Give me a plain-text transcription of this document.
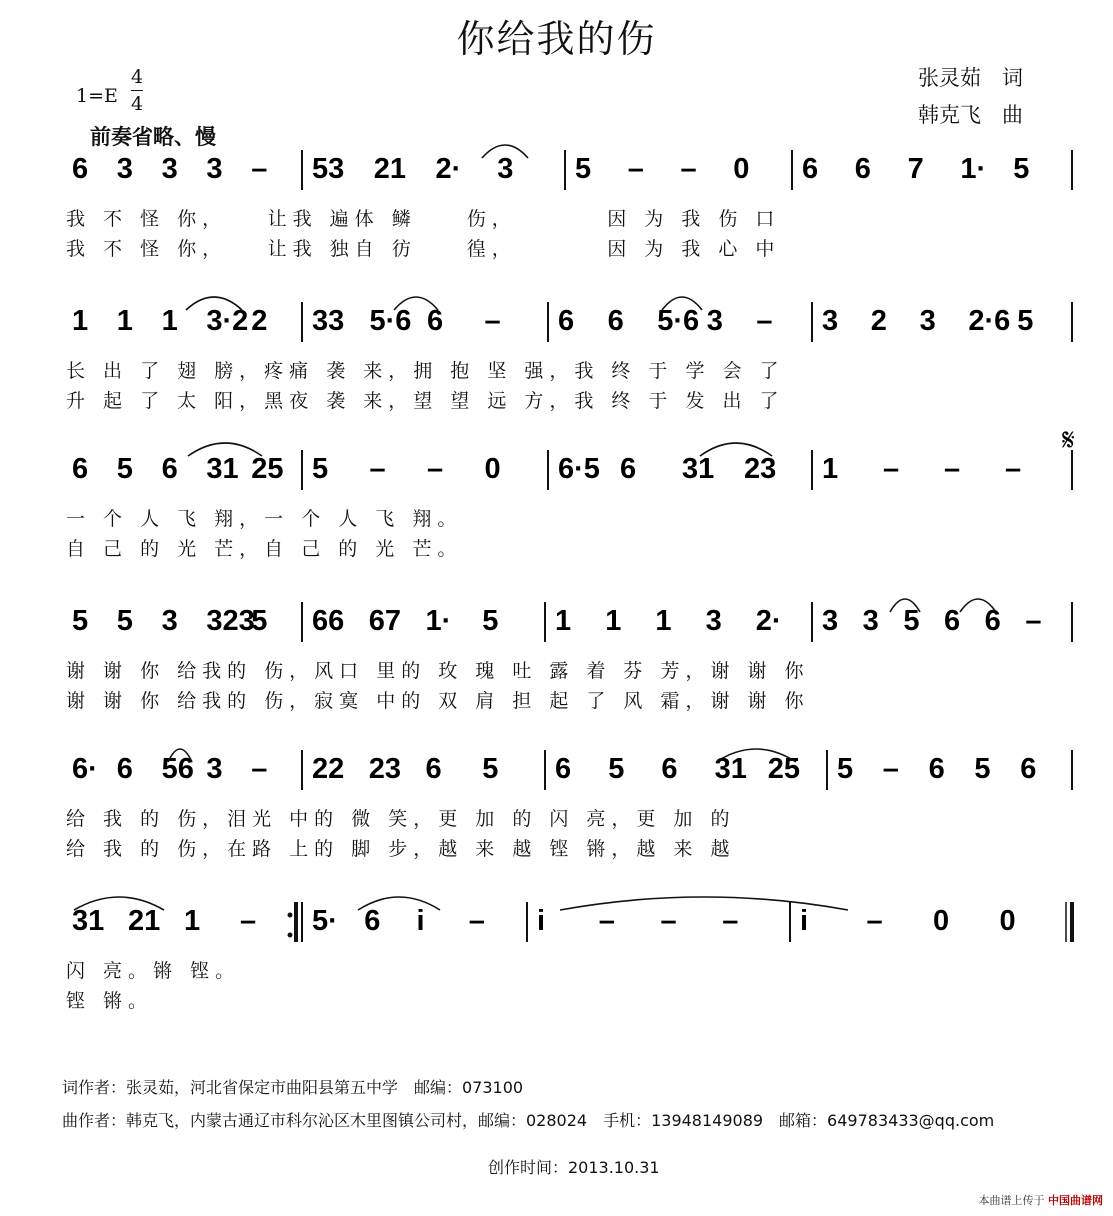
你给我的伤
张灵茹　词
韩克飞　曲
1=E
4
4
前奏省略、慢
6 3 3 3 – 53 21 2· 3 5 – – 0 6 6 7 1· 5
1 1 1 3·2 2 33 5·6 6 – 6 6 5·6 3 – 3 2 3 2·6 5
6 5 6 31 25 5 – – 0 6·5 6 31 23 1 – – –
5 5 3 323
5 66 67 1· 5 1 1 1 3 2· 3 3 5 6 6 –
6· 6 56 3 – 22 23 6 5 6 5 6 31 25 5 – 6 5 6
31 21 1 – 5· 6 i – i – – – i – 0 0
𝄋
我 不 怪 你，　　让我 遍体 鳞　　伤，　　　　因 为 我 伤 口
我 不 怪 你，　　让我 独自 彷　　徨，　　　　因 为 我 心 中
长 出 了 翅 膀，疼痛 袭 来，拥 抱 坚 强，我 终 于 学 会 了
升 起 了 太 阳，黑夜 袭 来，望 望 远 方，我 终 于 发 出 了
一 个 人 飞 翔，一 个 人 飞 翔。
自 己 的 光 芒，自 己 的 光 芒。
谢 谢 你 给我的 伤，风口 里的 玫 瑰 吐 露 着 芬 芳，谢 谢 你
谢 谢 你 给我的 伤，寂寞 中的 双 肩 担 起 了 风 霜，谢 谢 你
给 我 的 伤，泪光 中的 微 笑，更 加 的 闪 亮，更 加 的
给 我 的 伤，在路 上的 脚 步，越 来 越 铿 锵，越 来 越
闪 亮。锵 铿。
铿 锵。
词作者：张灵茹，河北省保定市曲阳县第五中学　邮编：073100
曲作者：韩克飞，内蒙古通辽市科尔沁区木里图镇公司村，邮编：028024　手机：13948149089　邮箱：649783433@qq.com
创作时间：2013.10.31
本曲谱上传于 中国曲谱网
